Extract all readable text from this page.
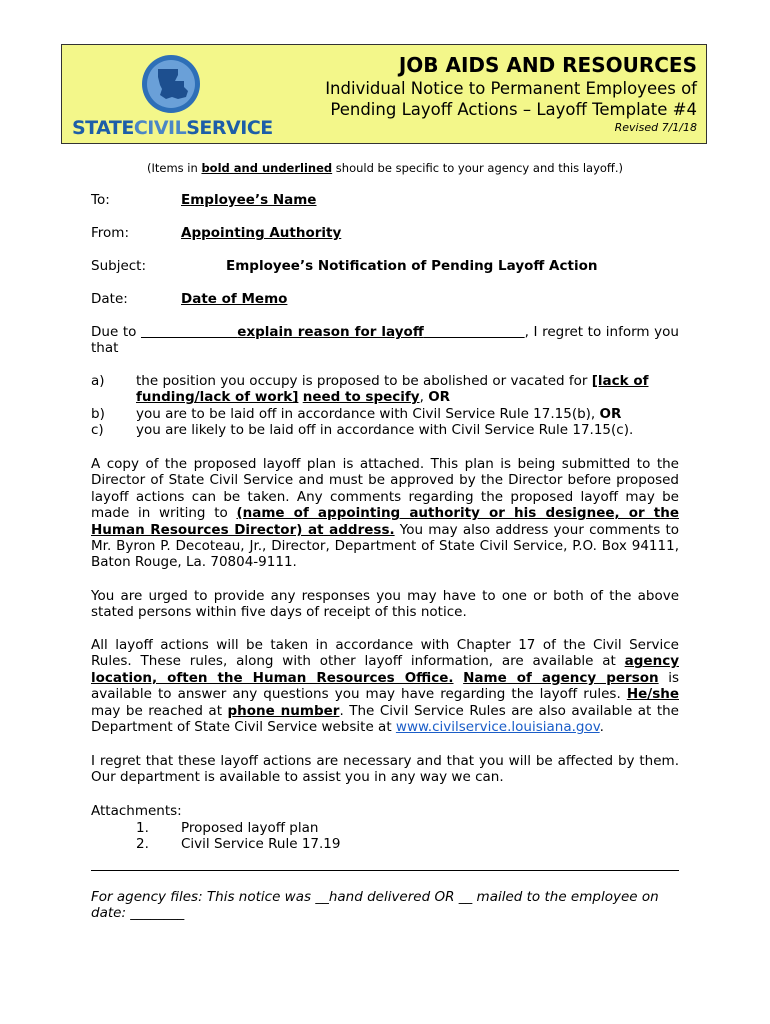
STATECIVILSERVICE
JOB AIDS AND RESOURCES
Individual Notice to Permanent Employees of
Pending Layoff Actions – Layoff Template #4
Revised 7/1/18
(Items in bold and underlined should be specific to your agency and this layoff.)
To:	Employee’s Name
From:	Appointing Authority
Subject:	Employee’s Notification of Pending Layoff Action
Date:	Date of Memo
Due to	explain reason for layoff	, I regret to inform you that
a) the position you occupy is proposed to be abolished or vacated for [lack of funding/lack of work] need to specify, OR
b) you are to be laid off in accordance with Civil Service Rule 17.15(b), OR
c) you are likely to be laid off in accordance with Civil Service Rule 17.15(c).
A copy of the proposed layoff plan is attached. This plan is being submitted to the Director of State Civil Service and must be approved by the Director before proposed layoff actions can be taken. Any comments regarding the proposed layoff may be made in writing to (name of appointing authority or his designee, or the Human Resources Director) at address. You may also address your comments to Mr. Byron P. Decoteau, Jr., Director, Department of State Civil Service, P.O. Box 94111, Baton Rouge, La. 70804-9111.
You are urged to provide any responses you may have to one or both of the above stated persons within five days of receipt of this notice.
All layoff actions will be taken in accordance with Chapter 17 of the Civil Service Rules. These rules, along with other layoff information, are available at agency location, often the Human Resources Office. Name of agency person is available to answer any questions you may have regarding the layoff rules. He/she may be reached at phone number. The Civil Service Rules are also available at the Department of State Civil Service website at www.civilservice.louisiana.gov.
I regret that these layoff actions are necessary and that you will be affected by them. Our department is available to assist you in any way we can.
Attachments:
1. Proposed layoff plan
2. Civil Service Rule 17.19
For agency files: This notice was __hand delivered OR __ mailed to the employee on date: ________
